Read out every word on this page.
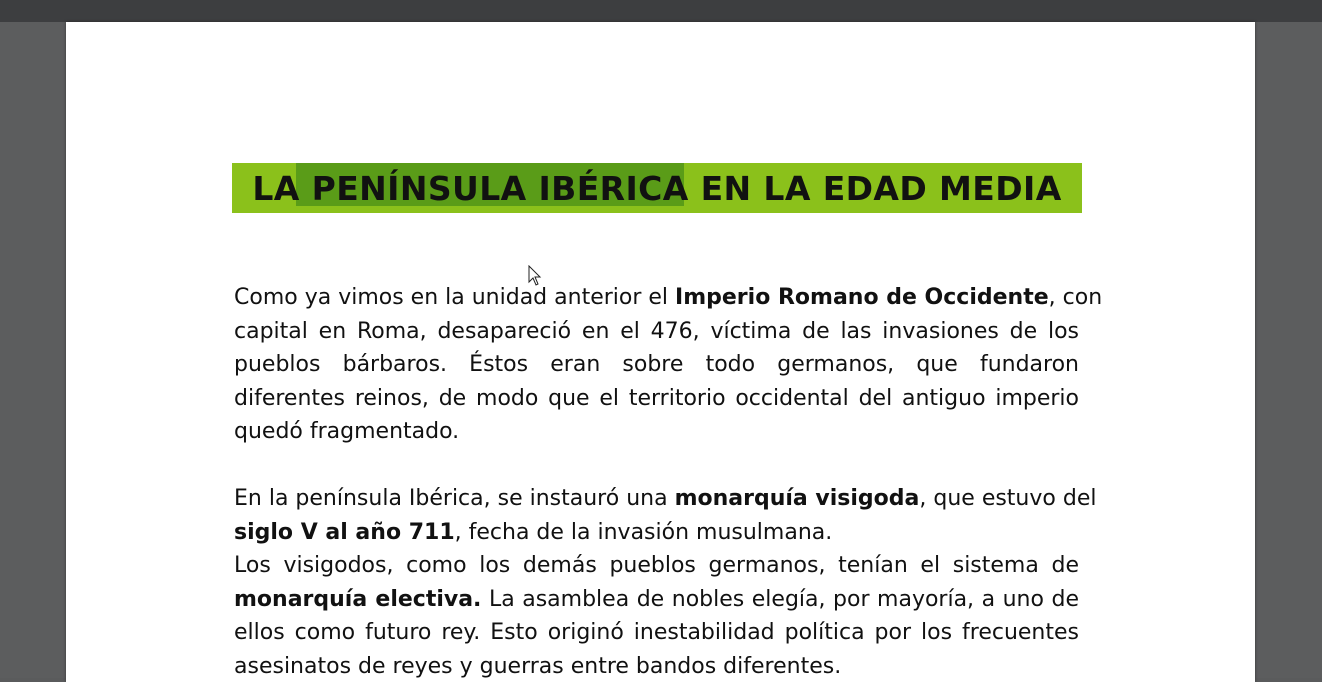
LA PENÍNSULA IBÉRICA EN LA EDAD MEDIA
Como ya vimos en la unidad anterior el Imperio Romano de Occidente, con
capital en Roma, desapareció en el 476, víctima de las invasiones de los
pueblos bárbaros. Éstos eran sobre todo germanos, que fundaron
diferentes reinos, de modo que el territorio occidental del antiguo imperio
quedó fragmentado.
En la península Ibérica, se instauró una monarquía visigoda, que estuvo del
siglo V al año 711, fecha de la invasión musulmana.
Los visigodos, como los demás pueblos germanos, tenían el sistema de
monarquía electiva. La asamblea de nobles elegía, por mayoría, a uno de
ellos como futuro rey. Esto originó inestabilidad política por los frecuentes
asesinatos de reyes y guerras entre bandos diferentes.
